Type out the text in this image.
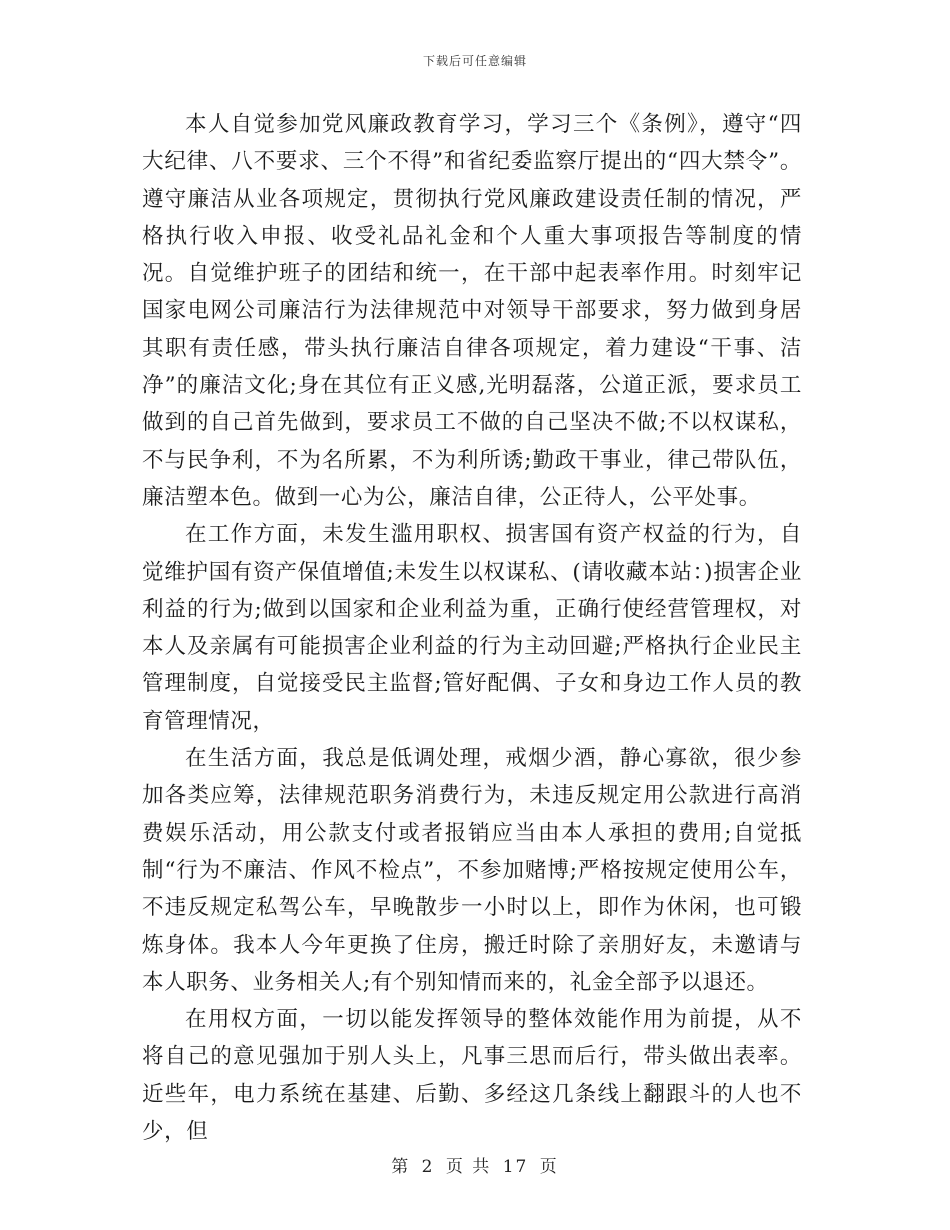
下载后可任意编辑

本人自觉参加党风廉政教育学习，学习三个《条例》，遵守“四大纪律、八不要求、三个不得”和省纪委监察厅提出的“四大禁令”。遵守廉洁从业各项规定，贯彻执行党风廉政建设责任制的情况，严格执行收入申报、收受礼品礼金和个人重大事项报告等制度的情况。自觉维护班子的团结和统一，在干部中起表率作用。时刻牢记国家电网公司廉洁行为法律规范中对领导干部要求，努力做到身居其职有责任感，带头执行廉洁自律各项规定，着力建设“干事、洁净”的廉洁文化;身在其位有正义感,光明磊落，公道正派，要求员工做到的自己首先做到，要求员工不做的自己坚决不做;不以权谋私，不与民争利，不为名所累，不为利所诱;勤政干事业，律己带队伍，廉洁塑本色。做到一心为公，廉洁自律，公正待人，公平处事。

在工作方面，未发生滥用职权、损害国有资产权益的行为，自觉维护国有资产保值增值;未发生以权谋私、(请收藏本站：)损害企业利益的行为;做到以国家和企业利益为重，正确行使经营管理权，对本人及亲属有可能损害企业利益的行为主动回避;严格执行企业民主管理制度，自觉接受民主监督;管好配偶、子女和身边工作人员的教育管理情况，

在生活方面，我总是低调处理，戒烟少酒，静心寡欲，很少参加各类应筹，法律规范职务消费行为，未违反规定用公款进行高消费娱乐活动，用公款支付或者报销应当由本人承担的费用;自觉抵制“行为不廉洁、作风不检点”，不参加赌博;严格按规定使用公车，不违反规定私驾公车，早晚散步一小时以上，即作为休闲，也可锻炼身体。我本人今年更换了住房，搬迁时除了亲朋好友，未邀请与本人职务、业务相关人;有个别知情而来的，礼金全部予以退还。

在用权方面，一切以能发挥领导的整体效能作用为前提，从不将自己的意见强加于别人头上，凡事三思而后行，带头做出表率。近些年，电力系统在基建、后勤、多经这几条线上翻跟斗的人也不少，但

第 2 页 共 17 页
